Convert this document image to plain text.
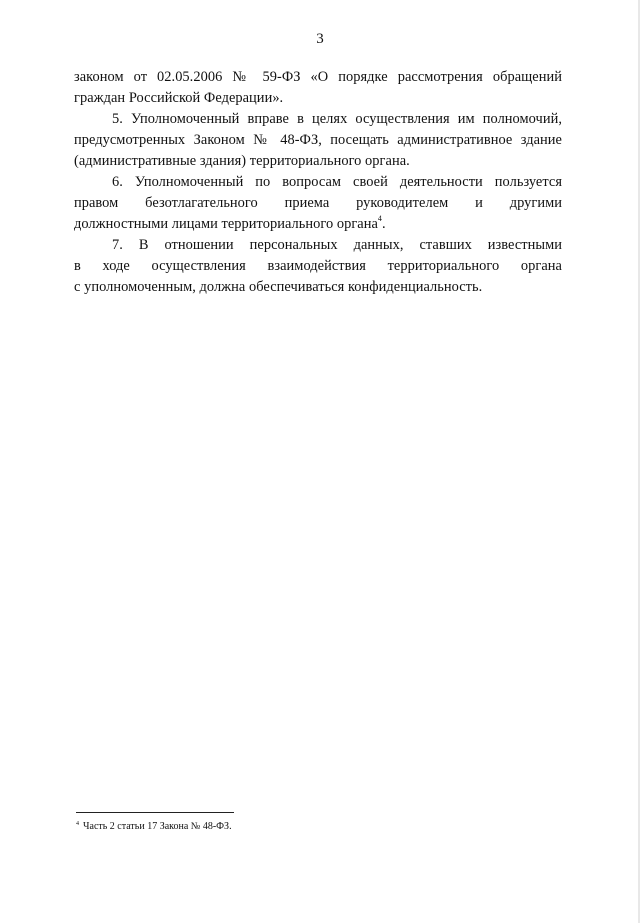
3

законом от 02.05.2006 № 59-ФЗ «О порядке рассмотрения обращений
граждан Российской Федерации».

5. Уполномоченный вправе в целях осуществления им полномочий,
предусмотренных Законом № 48-ФЗ, посещать административное здание
(административные здания) территориального органа.

6. Уполномоченный по вопросам своей деятельности пользуется
правом безотлагательного приема руководителем и другими
должностными лицами территориального органа$^4$.

7. В отношении персональных данных, ставших известными
в ходе осуществления взаимодействия территориального органа
с уполномоченным, должна обеспечиваться конфиденциальность.

$^4$ Часть 2 статьи 17 Закона № 48-ФЗ.
